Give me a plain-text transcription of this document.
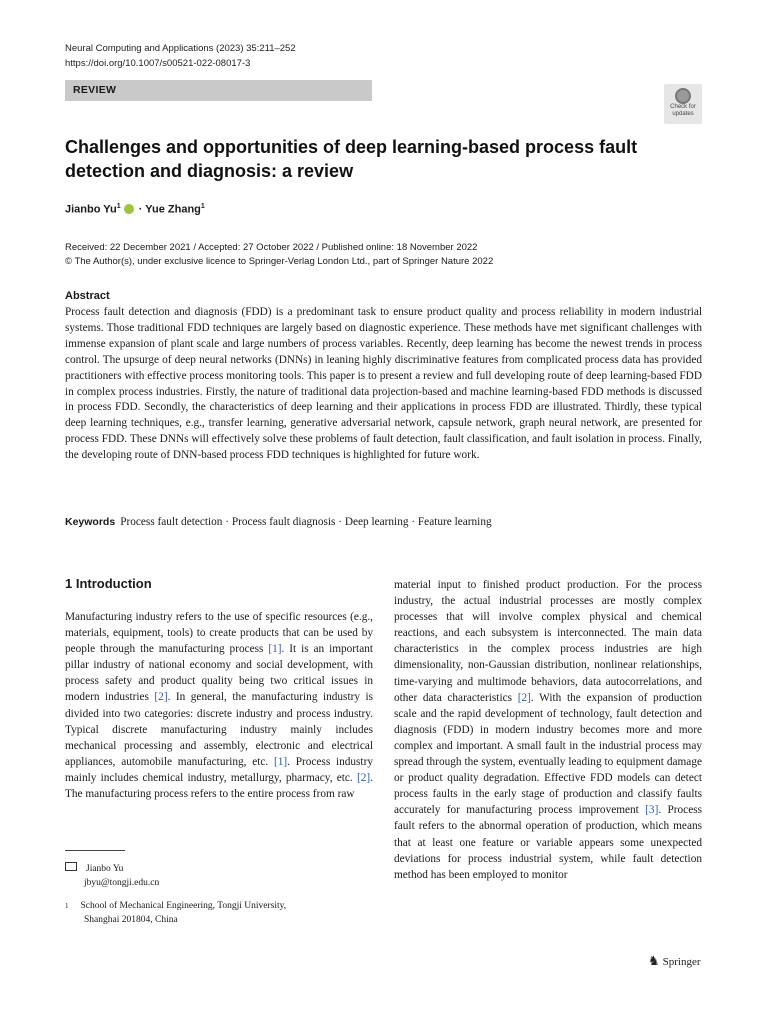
Neural Computing and Applications (2023) 35:211–252
https://doi.org/10.1007/s00521-022-08017-3
REVIEW
Check for updates
Challenges and opportunities of deep learning-based process fault detection and diagnosis: a review
Jianbo $Yu^1$ · Yue Zhang$^1$
Received: 22 December 2021 / Accepted: 27 October 2022 / Published online: 18 November 2022
© The Author(s), under exclusive licence to Springer-Verlag London Ltd., part of Springer Nature 2022
Abstract

Process fault detection and diagnosis (FDD) is a predominant task to ensure product quality and process reliability in modern industrial systems. Those traditional FDD techniques are largely based on diagnostic experience. These methods have met significant challenges with immense expansion of plant scale and large numbers of process variables. Recently, deep learning has become the newest trends in process control. The upsurge of deep neural networks (DNNs) in leaning highly discriminative features from complicated process data has provided practitioners with effective process monitoring tools. This paper is to present a review and full developing route of deep learning-based FDD in complex process industries. Firstly, the nature of traditional data projection-based and machine learning-based FDD methods is discussed in process FDD. Secondly, the characteristics of deep learning and their applications in process FDD are illustrated. Thirdly, these typical deep learning techniques, e.g., transfer learning, generative adversarial network, capsule network, graph neural network, are presented for process FDD. These DNNs will effectively solve these problems of fault detection, fault classification, and fault isolation in process. Finally, the developing route of DNN-based process FDD techniques is highlighted for future work.

Keywords Process fault detection · Process fault diagnosis · Deep learning · Feature learning
1 Introduction

Manufacturing industry refers to the use of specific resources (e.g., materials, equipment, tools) to create products that can be used by people through the manufacturing process [1]. It is an important pillar industry of national economy and social development, with process safety and product quality being two critical issues in modern industries [2]. In general, the manufacturing industry is divided into two categories: discrete industry and process industry. Typical discrete manufacturing industry mainly includes mechanical processing and assembly, electronic and electrical appliances, automobile manufacturing, etc. [1]. Process industry mainly includes chemical industry, metallurgy, pharmacy, etc. [2]. The manufacturing process refers to the entire process from raw

material input to finished product production. For the process industry, the actual industrial processes are mostly complex processes that will involve complex physical and chemical reactions, and each subsystem is interconnected. The main data characteristics in the complex process industries are high dimensionality, non-Gaussian distribution, nonlinear relationships, time-varying and multimode behaviors, data autocorrelations, and other data characteristics [2]. With the expansion of production scale and the rapid development of technology, fault detection and diagnosis (FDD) in modern industry becomes more and more complex and important. A small fault in the industrial process may spread through the system, eventually leading to equipment damage or product quality degradation. Effective FDD models can detect process faults in the early stage of production and classify faults accurately for manufacturing process improvement [3]. Process fault refers to the abnormal operation of production, which means that at least one feature or variable appears some unexpected deviations for process industrial system, while fault detection method has been employed to monitor

Jianbo Yu
jbyu@tongji.edu.cn
$^1$ School of Mechanical Engineering, Tongji University,
Shanghai 201804, China
♞ Springer
